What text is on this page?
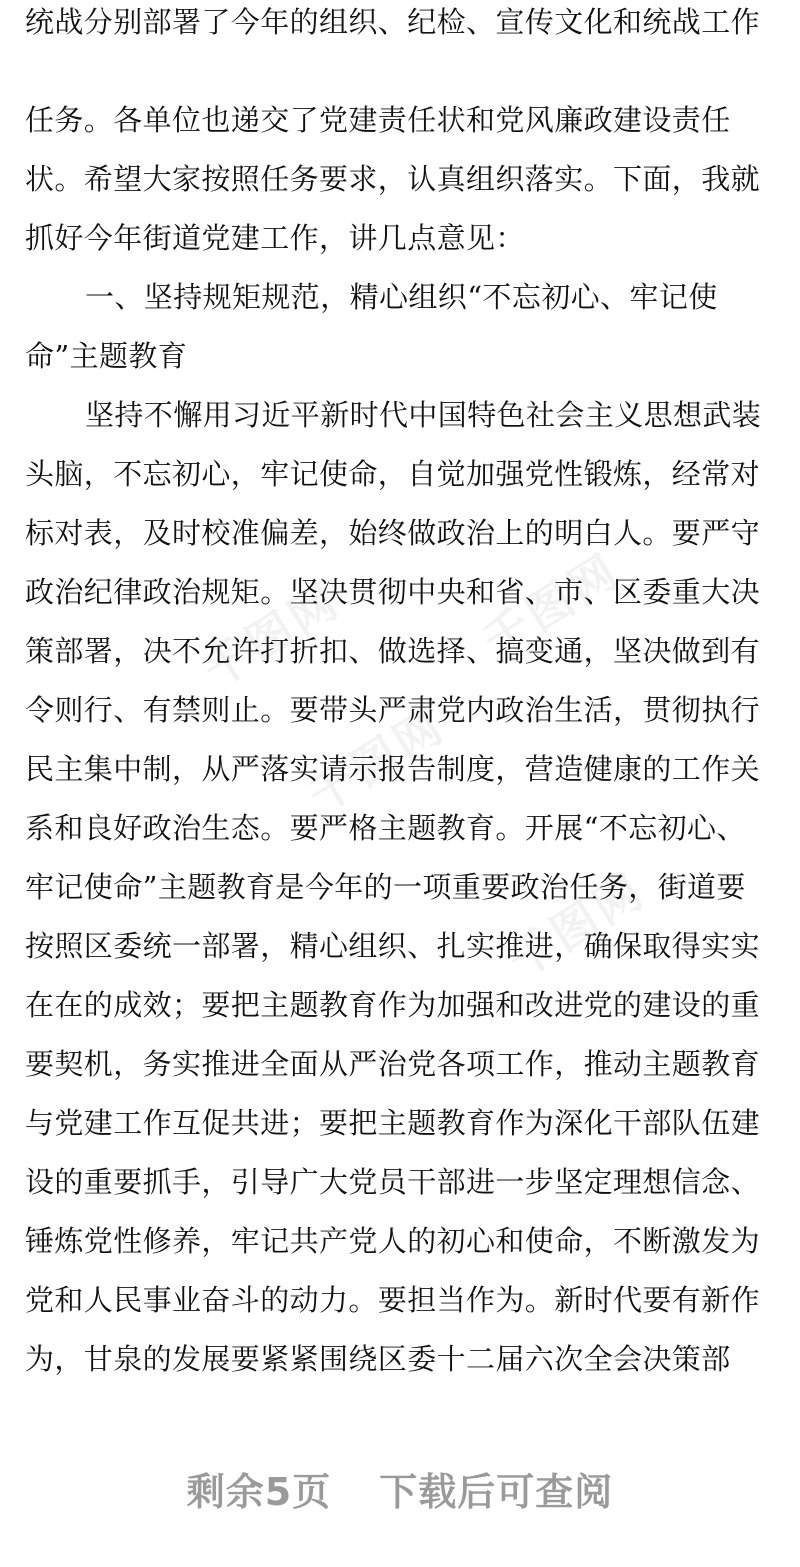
千图网	千图网
千图网
千图网
统战分别部署了今年的组织、纪检、宣传文化和统战工作
任务。各单位也递交了党建责任状和党风廉政建设责任
状。希望大家按照任务要求，认真组织落实。下面，我就
抓好今年街道党建工作，讲几点意见：
一、坚持规矩规范，精心组织“不忘初心、牢记使
命”主题教育
坚持不懈用习近平新时代中国特色社会主义思想武装
头脑，不忘初心，牢记使命，自觉加强党性锻炼，经常对
标对表，及时校准偏差，始终做政治上的明白人。要严守
政治纪律政治规矩。坚决贯彻中央和省、市、区委重大决
策部署，决不允许打折扣、做选择、搞变通，坚决做到有
令则行、有禁则止。要带头严肃党内政治生活，贯彻执行
民主集中制，从严落实请示报告制度，营造健康的工作关
系和良好政治生态。要严格主题教育。开展“不忘初心、
牢记使命”主题教育是今年的一项重要政治任务，街道要
按照区委统一部署，精心组织、扎实推进，确保取得实实
在在的成效；要把主题教育作为加强和改进党的建设的重
要契机，务实推进全面从严治党各项工作，推动主题教育
与党建工作互促共进；要把主题教育作为深化干部队伍建
设的重要抓手，引导广大党员干部进一步坚定理想信念、
锤炼党性修养，牢记共产党人的初心和使命，不断激发为
党和人民事业奋斗的动力。要担当作为。新时代要有新作
为，甘泉的发展要紧紧围绕区委十二届六次全会决策部
剩余5页 下载后可查阅
